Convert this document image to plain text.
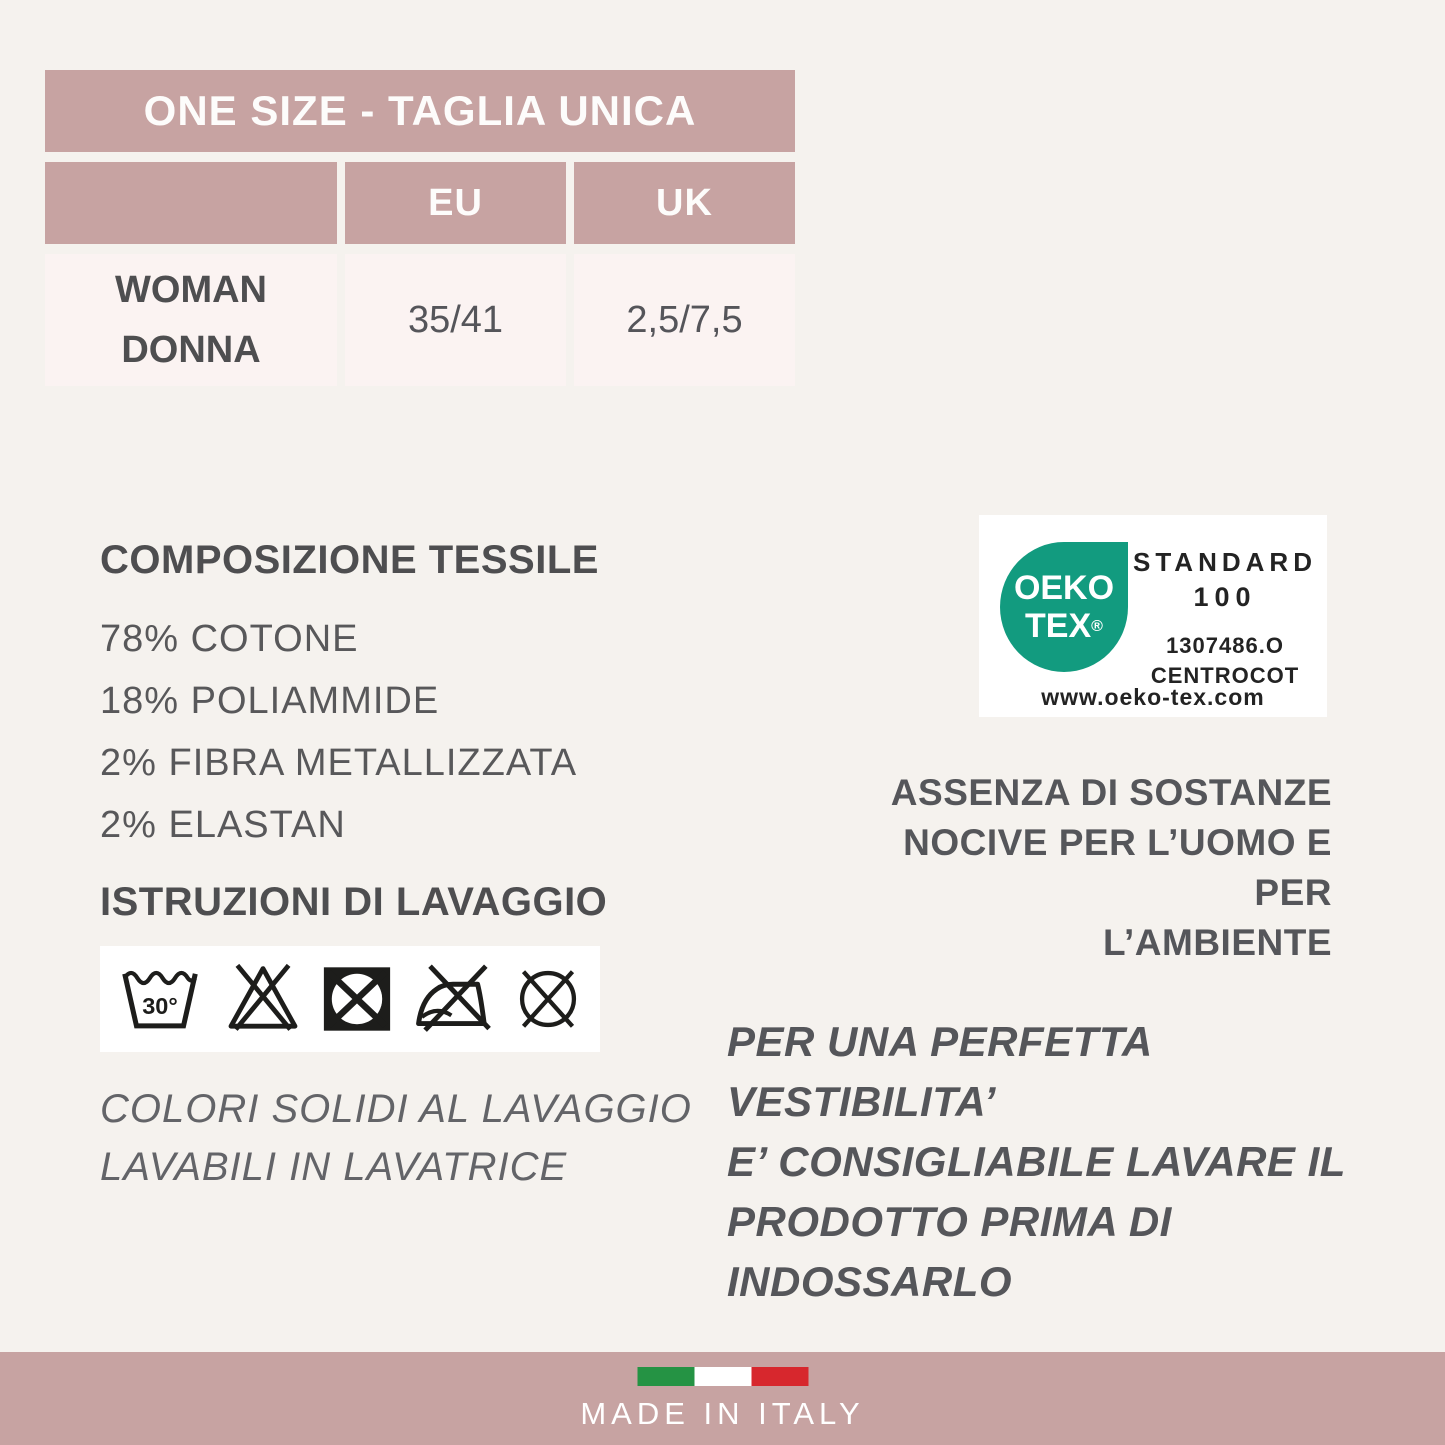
ONE SIZE - TAGLIA UNICA
EU	UK
WOMAN
DONNA
35/41	2,5/7,5
COMPOSIZIONE TESSILE
78% COTONE
18% POLIAMMIDE
2% FIBRA METALLIZZATA
2% ELASTAN
ISTRUZIONI DI LAVAGGIO
30°
COLORI SOLIDI AL LAVAGGIO
LAVABILI IN LAVATRICE
OEKO
TEX®
STANDARD
100
1307486.O
CENTROCOT
www.oeko-tex.com
ASSENZA DI SOSTANZE
NOCIVE PER L’UOMO E PER
L’AMBIENTE
PER UNA PERFETTA VESTIBILITA’
E’ CONSIGLIABILE LAVARE IL
PRODOTTO PRIMA DI INDOSSARLO
MADE IN ITALY
